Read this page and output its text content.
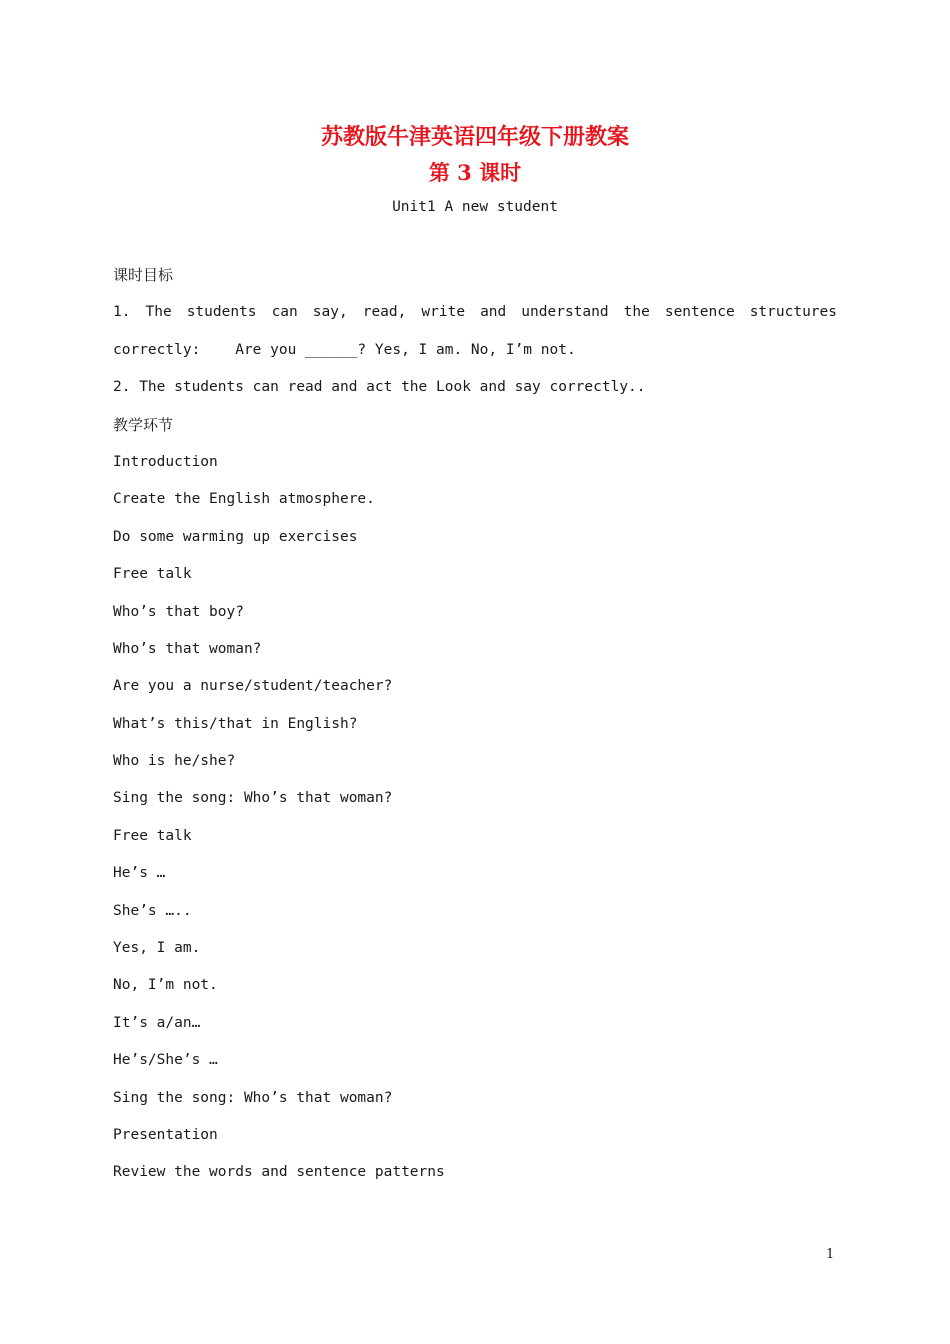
苏教版牛津英语四年级下册教案
第 3 课时
Unit1 A new student
课时目标
1. The students can say, read, write and understand the sentence structures
correctly:    Are you ______? Yes, I am. No, I’m not.
2. The students can read and act the Look and say correctly..
教学环节
Introduction
Create the English atmosphere.
Do some warming up exercises
Free talk
Who’s that boy?
Who’s that woman?
Are you a nurse/student/teacher?
What’s this/that in English?
Who is he/she?
Sing the song: Who’s that woman?
Free talk
He’s …
She’s …..
Yes, I am.
No, I’m not.
It’s a/an…
He’s/She’s …
Sing the song: Who’s that woman?
Presentation
Review the words and sentence patterns
1
